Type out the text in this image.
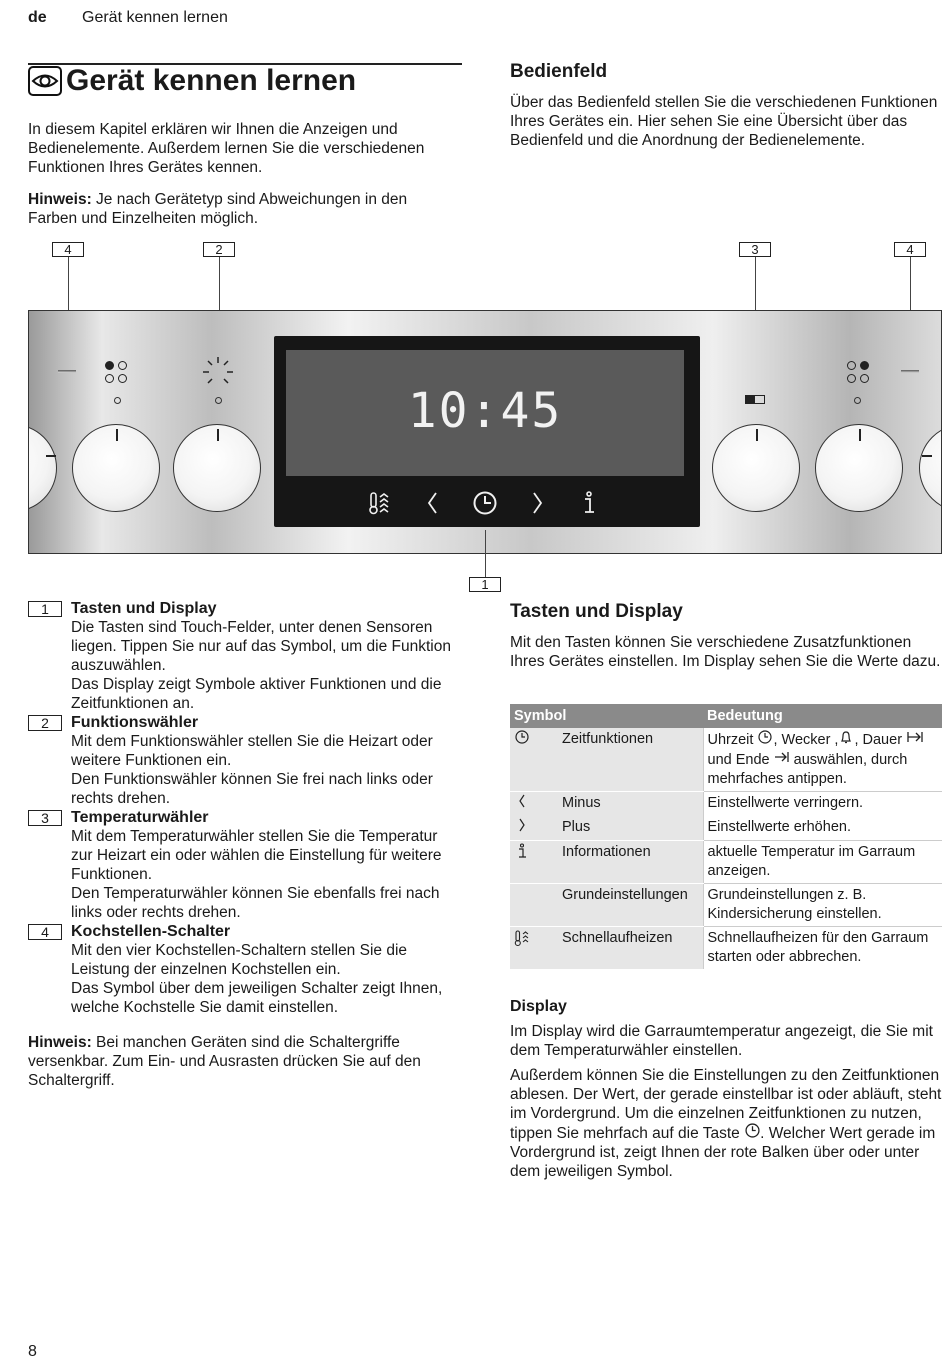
de Gerät kennen lernen
Gerät kennen lernen
In diesem Kapitel erklären wir Ihnen die Anzeigen und Bedienelemente. Außerdem lernen Sie die verschiedenen Funktionen Ihres Gerätes kennen.
Hinweis: Je nach Gerätetyp sind Abweichungen in den Farben und Einzelheiten möglich.
Bedienfeld
Über das Bedienfeld stellen Sie die verschiedenen Funktionen Ihres Gerätes ein. Hier sehen Sie eine Übersicht über das Bedienfeld und die Anordnung der Bedienelemente.
4	2	3	4
10:45
1
1	Tasten und Display
Die Tasten sind Touch-Felder, unter denen Sensoren liegen. Tippen Sie nur auf das Symbol, um die Funktion auszuwählen.
Das Display zeigt Symbole aktiver Funktionen und die Zeitfunktionen an.
2	Funktionswähler
Mit dem Funktionswähler stellen Sie die Heizart oder weitere Funktionen ein.
Den Funktionswähler können Sie frei nach links oder rechts drehen.
3	Temperaturwähler
Mit dem Temperaturwähler stellen Sie die Temperatur zur Heizart ein oder wählen die Einstellung für weitere Funktionen.
Den Temperaturwähler können Sie ebenfalls frei nach links oder rechts drehen.
4	Kochstellen-Schalter
Mit den vier Kochstellen-Schaltern stellen Sie die Leistung der einzelnen Kochstellen ein.
Das Symbol über dem jeweiligen Schalter zeigt Ihnen, welche Kochstelle Sie damit einstellen.
Hinweis: Bei manchen Geräten sind die Schaltergriffe versenkbar. Zum Ein- und Ausrasten drücken Sie auf den Schaltergriff.
Tasten und Display
Mit den Tasten können Sie verschiedene Zusatzfunktionen Ihres Gerätes einstellen. Im Display sehen Sie die Werte dazu.
Symbol		Bedeutung
	Zeitfunktionen	Uhrzeit , Wecker , , Dauer  und Ende  auswählen, durch mehrfaches antippen.
	Minus	Einstellwerte verringern.
	Plus	Einstellwerte erhöhen.
	Informationen	aktuelle Temperatur im Garraum anzeigen.
	Grundeinstellungen	Grundeinstellungen z. B. Kindersicherung einstellen.
	Schnellaufheizen	Schnellaufheizen für den Garraum starten oder abbrechen.
Display
Im Display wird die Garraumtemperatur angezeigt, die Sie mit dem Temperaturwähler einstellen.
Außerdem können Sie die Einstellungen zu den Zeitfunktionen ablesen. Der Wert, der gerade einstellbar ist oder abläuft, steht im Vordergrund. Um die einzelnen Zeitfunktionen zu nutzen, tippen Sie mehrfach auf die Taste . Welcher Wert gerade im Vordergrund ist, zeigt Ihnen der rote Balken über oder unter dem jeweiligen Symbol.
8
